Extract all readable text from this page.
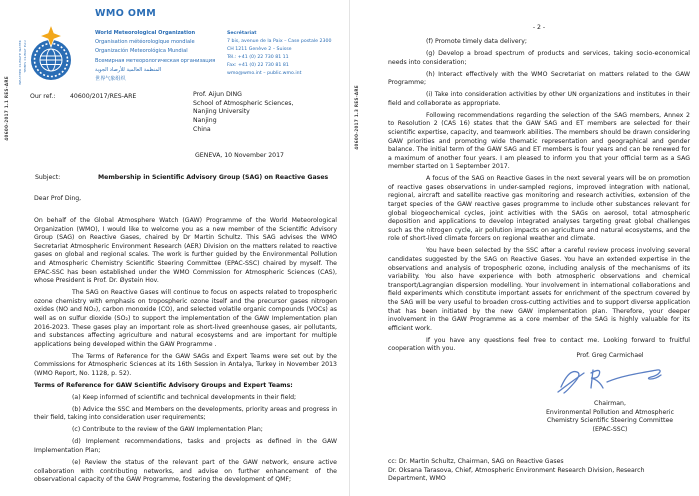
40600-2017 1.1 RES-ARE
WEATHER CLIMATE WATER TEMPS CLIMAT EAU
WMO OMM
World Meteorological Organization
Organisation météorologique mondiale
Organización Meteorológica Mundial
Всемирная метеорологическая организация
المنظمة العالمية للأرصاد الجوية
世界气象组织
Secrétariat
7 bis, avenue de la Paix – Case postale 2300
CH 1211 Genève 2 – Suisse
Tél.: +41 (0) 22 730 81 11
Fax: +41 (0) 22 730 81 81
wmo@wmo.int – public.wmo.int
Our ref.: 40600/2017/RES-ARE	Prof. Aijun DING
School of Atmospheric Sciences,
Nanjing University
Nanjing
China
GENEVA, 10 November 2017
Subject:	Membership in Scientific Advisory Group (SAG) on Reactive Gases
Dear Prof Ding,
On behalf of the Global Atmosphere Watch (GAW) Programme of the World Meteorological Organization (WMO), I would like to welcome you as a new member of the Scientific Advisory Group (SAG) on Reactive Gases, chaired by Dr Martin Schultz. This SAG advises the WMO Secretariat Atmospheric Environment Research (AER) Division on the matters related to reactive gases on global and regional scales. The work is further guided by the Environmental Pollution and Atmospheric Chemistry Scientific Steering Committee (EPAC-SSC) chaired by myself. The EPAC-SSC has been established under the WMO Commission for Atmospheric Sciences (CAS), whose President is Prof. Dr. Øystein Hov.
The SAG on Reactive Gases will continue to focus on aspects related to tropospheric ozone chemistry with emphasis on tropospheric ozone itself and the precursor gases nitrogen oxides (NO and NO₂), carbon monoxide (CO), and selected volatile organic compounds (VOCs) as well as on sulfur dioxide (SO₂) to support the implementation of the GAW Implementation plan 2016-2023. These gases play an important role as short-lived greenhouse gases, air pollutants, and substances affecting agriculture and natural ecosystems and are important for multiple applications being developed within the GAW Programme .
The Terms of Reference for the GAW SAGs and Expert Teams were set out by the Commissions for Atmospheric Sciences at its 16th Session in Antalya, Turkey in November 2013 (WMO Report, No. 1128, p. 52).
Terms of Reference for GAW Scientific Advisory Groups and Expert Teams:
(a) Keep informed of scientific and technical developments in their field;
(b) Advice the SSC and Members on the developments, priority areas and progress in their field, taking into consideration user requirements;
(c) Contribute to the review of the GAW Implementation Plan;
(d) Implement recommendations, tasks and projects as defined in the GAW Implementation Plan;
(e) Review the status of the relevant part of the GAW network, ensure active collaboration with contributing networks, and advise on further enhancement of the observational capacity of the GAW Programme, fostering the development of QMF;
40600-2017 1.3 RES-ARE
- 2 -
(f) Promote timely data delivery;
(g) Develop a broad spectrum of products and services, taking socio-economical needs into consideration;
(h) Interact effectively with the WMO Secretariat on matters related to the GAW Programme;
(i) Take into consideration activities by other UN organizations and institutes in their field and collaborate as appropriate.
Following recommendations regarding the selection of the SAG members, Annex 2 to Resolution 2 (CAS 16) states that the GAW SAG and ET members are selected for their scientific expertise, capacity, and teamwork abilities. The members should be drawn considering GAW priorities and promoting wide thematic representation and geographical and gender balance. The initial term of the GAW SAG and ET members is four years and can be renewed for a maximum of another four years. I am pleased to inform you that your official term as a SAG member started on 1 September 2017.
A focus of the SAG on Reactive Gases in the next several years will be on promotion of reactive gases observations in under-sampled regions, improved integration with national, regional, aircraft and satellite reactive gas monitoring and research activities, extension of the target species of the GAW reactive gases programme to include other substances relevant for global biogeochemical cycles, joint activities with the SAGs on aerosol, total atmospheric deposition and applications to develop integrated analyses targeting great global challenges such as the nitrogen cycle, air pollution impacts on agriculture and natural ecosystems, and the role of short-lived climate forcers on regional weather and climate.
You have been selected by the SSC after a careful review process involving several candidates suggested by the SAG on Reactive Gases. You have an extended expertise in the observations and analysis of tropospheric ozone, including analysis of the mechanisms of its variability. You also have experience with both atmospheric observations and chemical transport/Lagrangian dispersion modelling. Your involvement in international collaborations and field experiments which constitute important assets for enrichment of the spectrum covered by the SAG will be very useful to broaden cross-cutting activities and to support diverse application that has been initiated by the new GAW implementation plan. Therefore, your deeper involvement in the GAW Programme as a core member of the SAG is highly valuable for its efficient work.
If you have any questions feel free to contact me. Looking forward to fruitful cooperation with you.
Prof. Greg Carmichael
Chairman,
Environmental Pollution and Atmospheric
Chemistry Scientific Steering Committee
(EPAC-SSC)
cc: Dr. Martin Schultz, Chairman, SAG on Reactive Gases
Dr. Oksana Tarasova, Chief, Atmospheric Environment Research Division, Research Department, WMO
